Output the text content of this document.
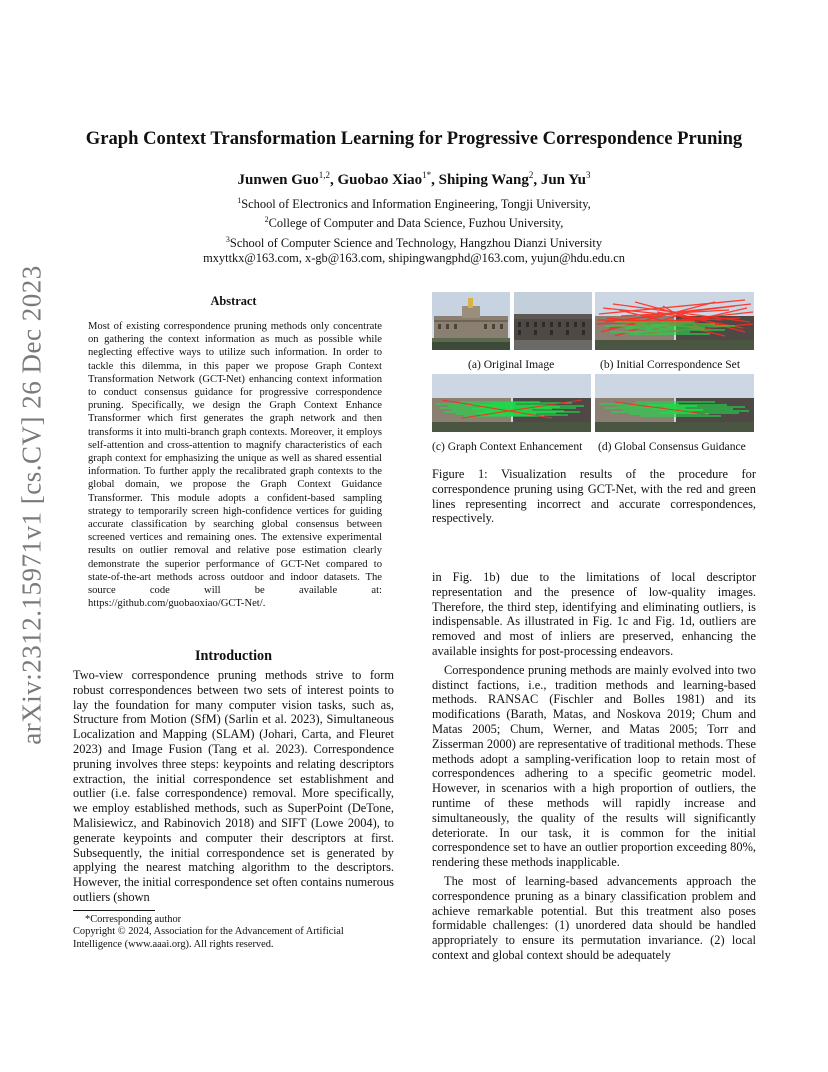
arXiv:2312.15971v1 [cs.CV] 26 Dec 2023
Graph Context Transformation Learning for Progressive Correspondence Pruning
Junwen Guo$^{1,2}$, Guobao Xiao$^{1*}$, Shiping Wang$^2$, Jun Yu$^3$
$^1$School of Electronics and Information Engineering, Tongji University,
$^2$College of Computer and Data Science, Fuzhou University,
$^3$School of Computer Science and Technology, Hangzhou Dianzi University
mxyttkx@163.com, x-gb@163.com, shipingwangphd@163.com, yujun@hdu.edu.cn
Abstract
Most of existing correspondence pruning methods only concentrate on gathering the context information as much as possible while neglecting effective ways to utilize such information. In order to tackle this dilemma, in this paper we propose Graph Context Transformation Network (GCT-Net) enhancing context information to conduct consensus guidance for progressive correspondence pruning. Specifically, we design the Graph Context Enhance Transformer which first generates the graph network and then transforms it into multi-branch graph contexts. Moreover, it employs self-attention and cross-attention to magnify characteristics of each graph context for emphasizing the unique as well as shared essential information. To further apply the recalibrated graph contexts to the global domain, we propose the Graph Context Guidance Transformer. This module adopts a confident-based sampling strategy to temporarily screen high-confidence vertices for guiding accurate classification by searching global consensus between screened vertices and remaining ones. The extensive experimental results on outlier removal and relative pose estimation clearly demonstrate the superior performance of GCT-Net compared to state-of-the-art methods across outdoor and indoor datasets. The source code will be available at: https://github.com/guobaoxiao/GCT-Net/.
Introduction

Two-view correspondence pruning methods strive to form robust correspondences between two sets of interest points to lay the foundation for many computer vision tasks, such as, Structure from Motion (SfM) (Sarlin et al. 2023), Simultaneous Localization and Mapping (SLAM) (Johari, Carta, and Fleuret 2023) and Image Fusion (Tang et al. 2023). Correspondence pruning involves three steps: keypoints and relating descriptors extraction, the initial correspondence set establishment and outlier (i.e. false correspondence) removal. More specifically, we employ established methods, such as SuperPoint (DeTone, Malisiewicz, and Rabinovich 2018) and SIFT (Lowe 2004), to generate keypoints and computer their descriptors at first. Subsequently, the initial correspondence set is generated by applying the nearest matching algorithm to the descriptors. However, the initial correspondence set often contains numerous outliers (shown

*Corresponding author
Copyright © 2024, Association for the Advancement of Artificial Intelligence (www.aaai.org). All rights reserved.
(a) Original Image	(b) Initial Correspondence Set
(c) Graph Context Enhancement (d) Global Consensus Guidance
Figure 1: Visualization results of the procedure for correspondence pruning using GCT-Net, with the red and green lines representing incorrect and accurate correspondences, respectively.

in Fig. 1b) due to the limitations of local descriptor representation and the presence of low-quality images. Therefore, the third step, identifying and eliminating outliers, is indispensable. As illustrated in Fig. 1c and Fig. 1d, outliers are removed and most of inliers are preserved, enhancing the available insights for post-processing endeavors.

Correspondence pruning methods are mainly evolved into two distinct factions, i.e., tradition methods and learning-based methods. RANSAC (Fischler and Bolles 1981) and its modifications (Barath, Matas, and Noskova 2019; Chum and Matas 2005; Chum, Werner, and Matas 2005; Torr and Zisserman 2000) are representative of traditional methods. These methods adopt a sampling-verification loop to retain most of correspondences adhering to a specific geometric model. However, in scenarios with a high proportion of outliers, the runtime of these methods will rapidly increase and simultaneously, the quality of the results will significantly deteriorate. In our task, it is common for the initial correspondence set to have an outlier proportion exceeding 80%, rendering these methods inapplicable.

The most of learning-based advancements approach the correspondence pruning as a binary classification problem and achieve remarkable potential. But this treatment also poses formidable challenges: (1) unordered data should be handled appropriately to ensure its permutation invariance. (2) local context and global context should be adequately
